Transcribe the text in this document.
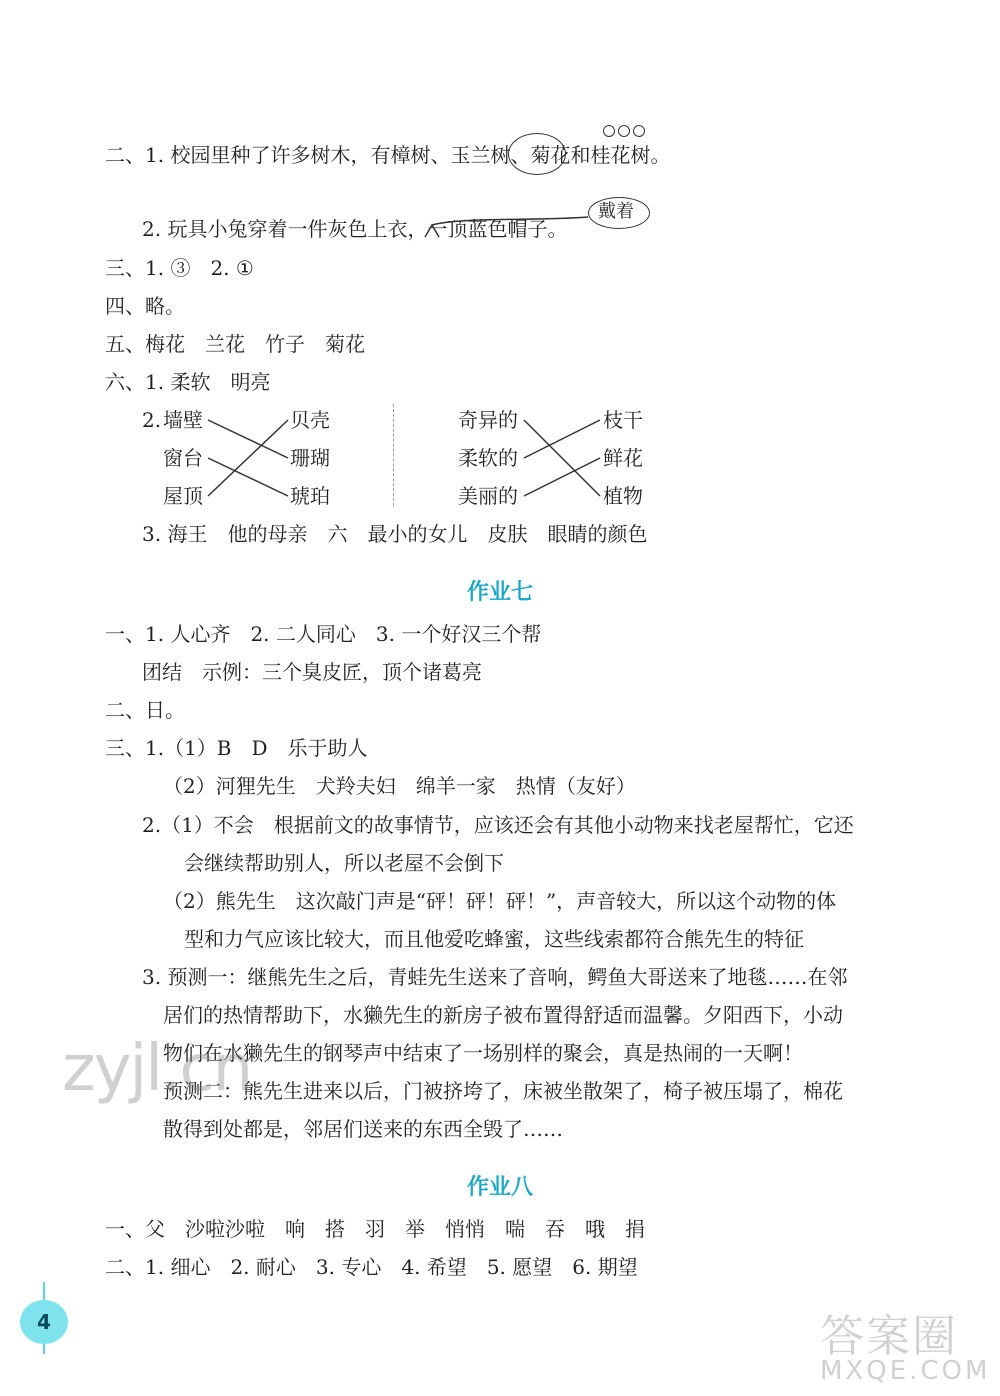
二、1. 校园里种了许多树木，有樟树、玉兰树、菊花和桂花树。
2. 玩具小兔穿着一件灰色上衣，一顶蓝色帽子。
戴着
三、1. ③ 2. ①
四、略。
五、梅花 兰花 竹子 菊花
六、1. 柔软 明亮
2. 墙壁
窗台
屋顶
贝壳
珊瑚
琥珀
奇异的
柔软的
美丽的
枝干
鲜花
植物
3. 海王 他的母亲 六 最小的女儿 皮肤 眼睛的颜色
作业七
一、1. 人心齐 2. 二人同心 3. 一个好汉三个帮
团结 示例：三个臭皮匠，顶个诸葛亮
二、日。
三、1.（1）B D 乐于助人
（2）河狸先生 犬羚夫妇 绵羊一家 热情（友好）
2.（1）不会　根据前文的故事情节，应该还会有其他小动物来找老屋帮忙，它还
会继续帮助别人，所以老屋不会倒下
（2）熊先生　这次敲门声是“砰！砰！砰！”，声音较大，所以这个动物的体
型和力气应该比较大，而且他爱吃蜂蜜，这些线索都符合熊先生的特征
3. 预测一：继熊先生之后，青蛙先生送来了音响，鳄鱼大哥送来了地毯……在邻
居们的热情帮助下，水獭先生的新房子被布置得舒适而温馨。夕阳西下，小动
物们在水獭先生的钢琴声中结束了一场别样的聚会，真是热闹的一天啊！
预测二：熊先生进来以后，门被挤垮了，床被坐散架了，椅子被压塌了，棉花
散得到处都是，邻居们送来的东西全毁了……
作业八
一、父 沙啦沙啦 响 搭 羽 举 悄悄 喘 吞 哦 捐
二、1. 细心 2. 耐心 3. 专心 4. 希望 5. 愿望 6. 期望
4
zyjl.cn
答案圈
MXQE.COM
